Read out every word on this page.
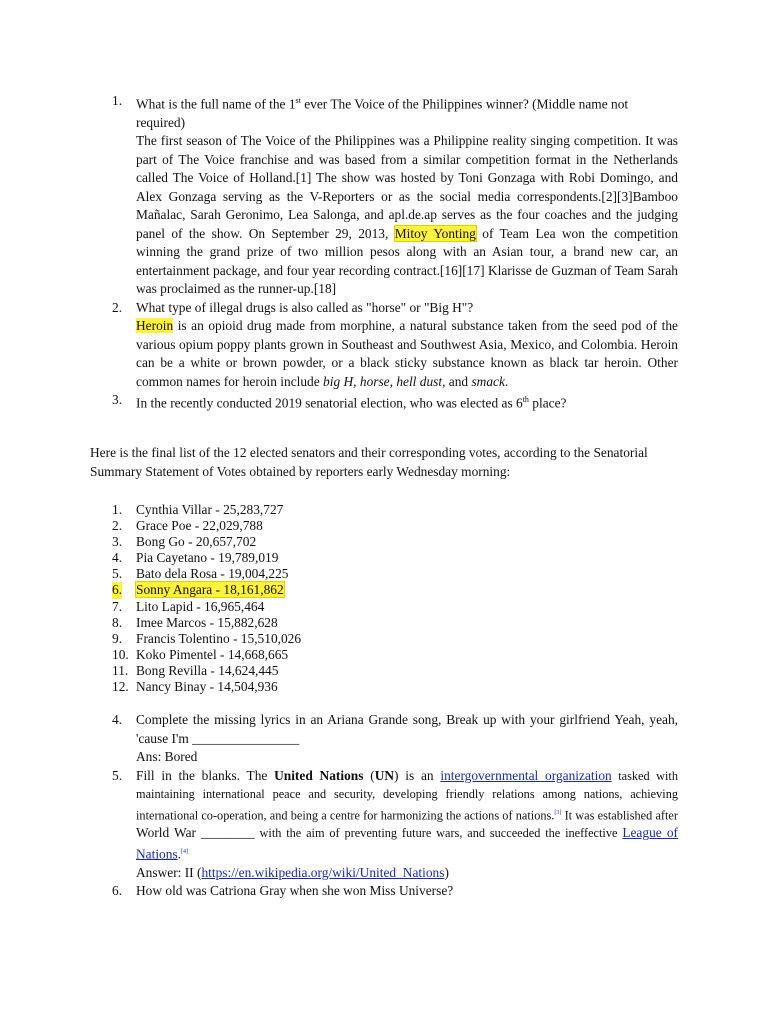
1. What is the full name of the 1st ever The Voice of the Philippines winner? (Middle name not required)

The first season of The Voice of the Philippines was a Philippine reality singing competition. It was part of The Voice franchise and was based from a similar competition format in the Netherlands called The Voice of Holland.[1] The show was hosted by Toni Gonzaga with Robi Domingo, and Alex Gonzaga serving as the V-Reporters or as the social media correspondents.[2][3]Bamboo Mañalac, Sarah Geronimo, Lea Salonga, and apl.de.ap serves as the four coaches and the judging panel of the show. On September 29, 2013, Mitoy Yonting of Team Lea won the competition winning the grand prize of two million pesos along with an Asian tour, a brand new car, an entertainment package, and four year recording contract.[16][17] Klarisse de Guzman of Team Sarah was proclaimed as the runner-up.[18]

2. What type of illegal drugs is also called as "horse" or "Big H"?

Heroin is an opioid drug made from morphine, a natural substance taken from the seed pod of the various opium poppy plants grown in Southeast and Southwest Asia, Mexico, and Colombia. Heroin can be a white or brown powder, or a black sticky substance known as black tar heroin. Other common names for heroin include big H, horse, hell dust, and smack.

3. In the recently conducted 2019 senatorial election, who was elected as 6th place?

Here is the final list of the 12 elected senators and their corresponding votes, according to the Senatorial Summary Statement of Votes obtained by reporters early Wednesday morning:

1. Cynthia Villar - 25,283,727
2. Grace Poe - 22,029,788
3. Bong Go - 20,657,702
4. Pia Cayetano - 19,789,019
5. Bato dela Rosa - 19,004,225
6. Sonny Angara - 18,161,862
7. Lito Lapid - 16,965,464
8. Imee Marcos - 15,882,628
9. Francis Tolentino - 15,510,026
10. Koko Pimentel - 14,668,665
11. Bong Revilla - 14,624,445
12. Nancy Binay - 14,504,936
4. Complete the missing lyrics in an Ariana Grande song, Break up with your girlfriend Yeah, yeah, 'cause I'm ________________

Ans: Bored

5. Fill in the blanks. The United Nations (UN) is an intergovernmental organization tasked with maintaining international peace and security, developing friendly relations among nations, achieving international co-operation, and being a centre for harmonizing the actions of nations.[3] It was established after World War ________ with the aim of preventing future wars, and succeeded the ineffective League of Nations.[4]

Answer: II (https://en.wikipedia.org/wiki/United_Nations)

6. How old was Catriona Gray when she won Miss Universe?
